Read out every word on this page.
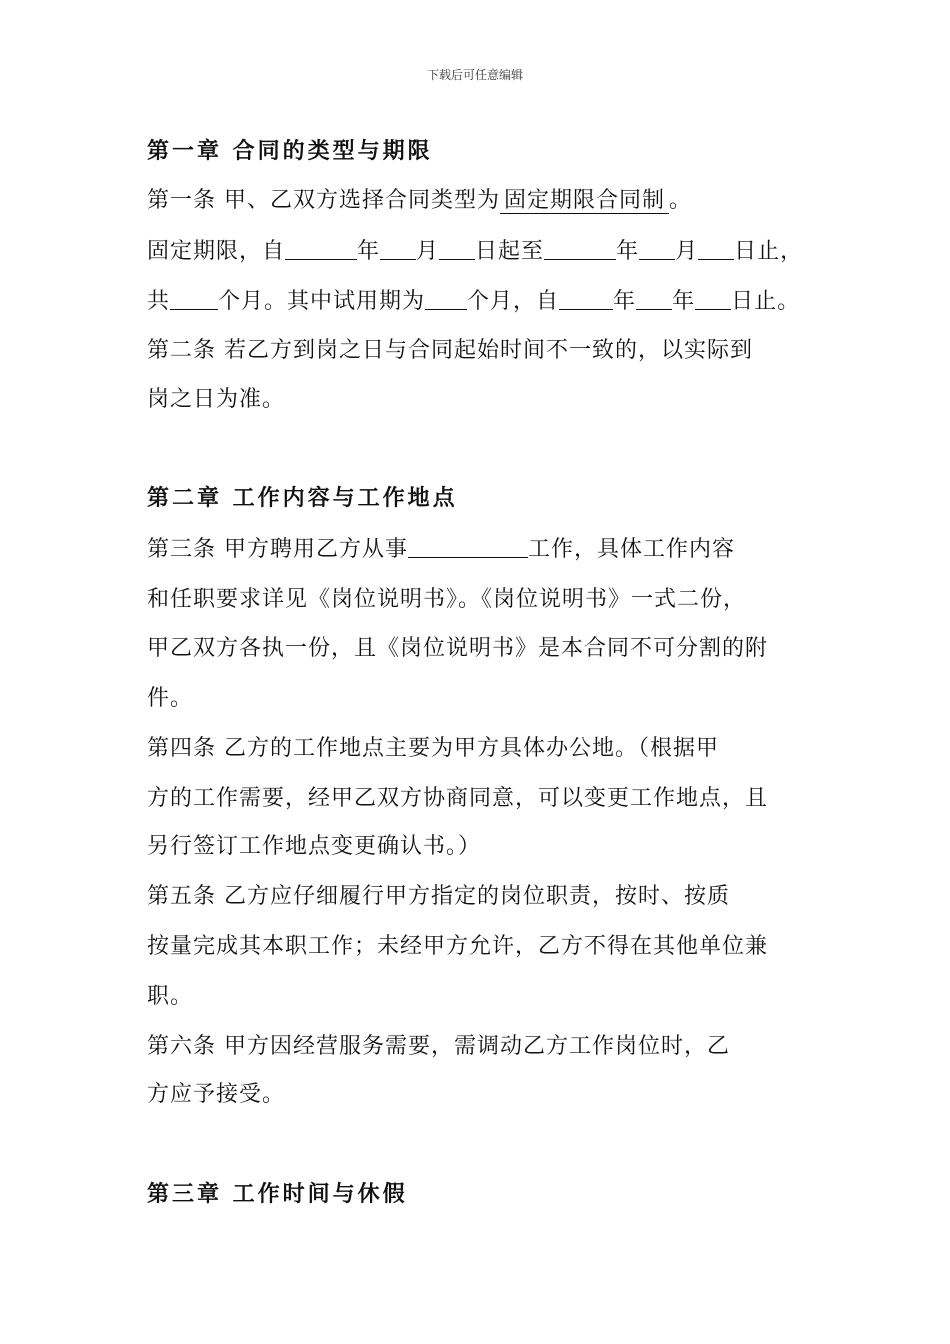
下载后可任意编辑
第一章 合同的类型与期限
第一条 甲、乙双方选择合同类型为 固定期限合同制 。
固定期限，自	年 月 日起至	年 月 日止，
共 个月。其中试用期为 个月，自 年 年 日止。
第二条 若乙方到岗之日与合同起始时间不一致的，以实际到
岗之日为准。
第二章 工作内容与工作地点
第三条 甲方聘用乙方从事	工作，具体工作内容
和任职要求详见《岗位说明书》。《岗位说明书》一式二份，
甲乙双方各执一份，且《岗位说明书》是本合同不可分割的附
件。
第四条 乙方的工作地点主要为甲方具体办公地。（根据甲
方的工作需要，经甲乙双方协商同意，可以变更工作地点，且
另行签订工作地点变更确认书。）
第五条 乙方应仔细履行甲方指定的岗位职责，按时、按质
按量完成其本职工作；未经甲方允许，乙方不得在其他单位兼
职。
第六条 甲方因经营服务需要，需调动乙方工作岗位时，乙
方应予接受。
第三章 工作时间与休假
